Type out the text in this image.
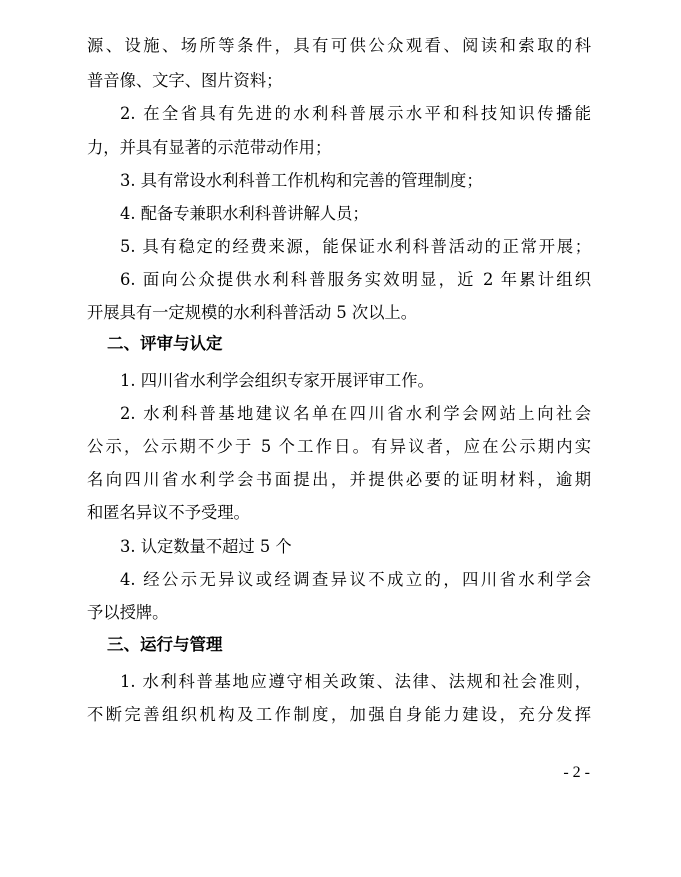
源、设施、场所等条件，具有可供公众观看、阅读和索取的科
普音像、文字、图片资料；
2. 在全省具有先进的水利科普展示水平和科技知识传播能
力，并具有显著的示范带动作用；
3. 具有常设水利科普工作机构和完善的管理制度；
4. 配备专兼职水利科普讲解人员；
5. 具有稳定的经费来源，能保证水利科普活动的正常开展；
6. 面向公众提供水利科普服务实效明显，近 2 年累计组织
开展具有一定规模的水利科普活动 5 次以上。
二、评审与认定
1. 四川省水利学会组织专家开展评审工作。
2. 水利科普基地建议名单在四川省水利学会网站上向社会
公示，公示期不少于 5 个工作日。有异议者，应在公示期内实
名向四川省水利学会书面提出，并提供必要的证明材料，逾期
和匿名异议不予受理。
3. 认定数量不超过 5 个
4. 经公示无异议或经调查异议不成立的，四川省水利学会
予以授牌。
三、运行与管理
1. 水利科普基地应遵守相关政策、法律、法规和社会准则，
不断完善组织机构及工作制度，加强自身能力建设，充分发挥
- 2 -
